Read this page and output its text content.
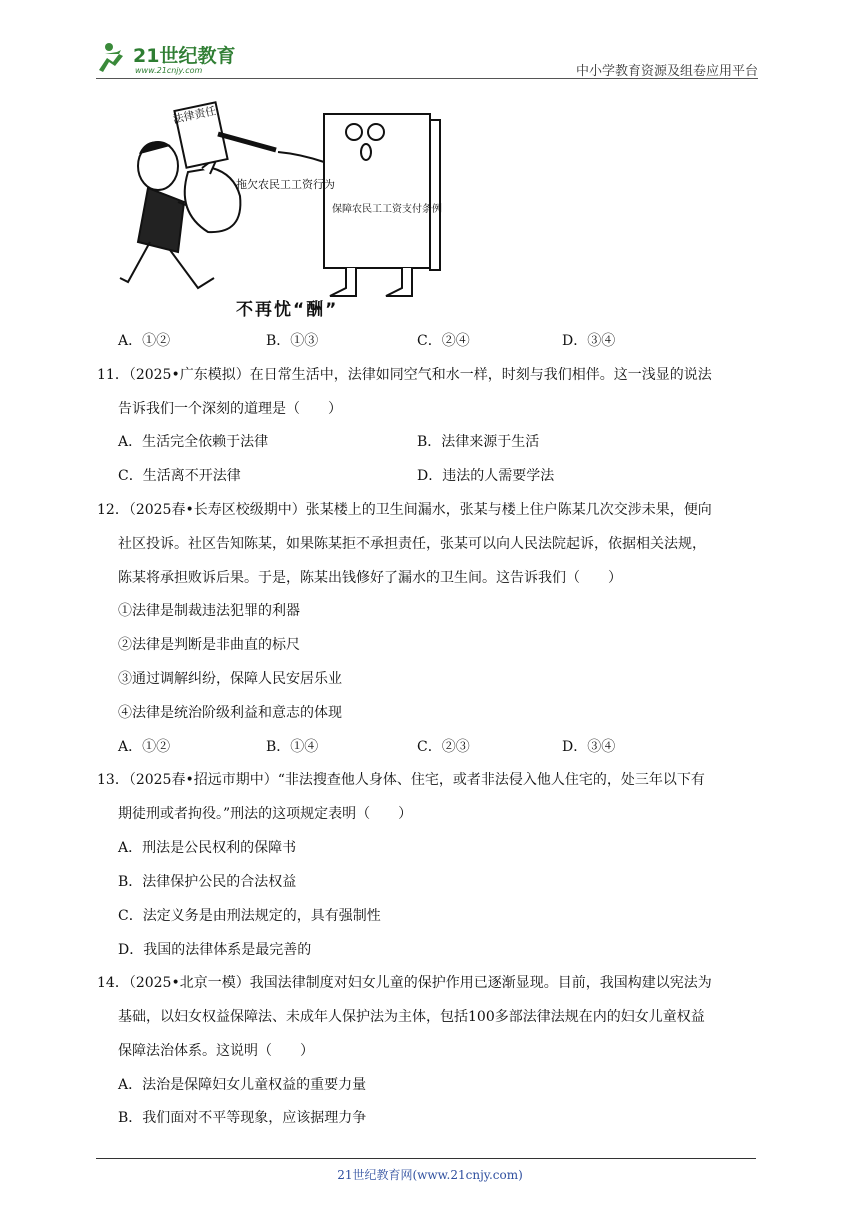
21世纪教育
www.21cnjy.com	中小学教育资源及组卷应用平台
法律责任
拖欠农民工工资行为
保障农民工工资支付条例
不再忧“酬”
A．①②	B．①③	C．②④	D．③④
11．（2025•广东模拟）在日常生活中，法律如同空气和水一样，时刻与我们相伴。这一浅显的说法
告诉我们一个深刻的道理是（　　）
A．生活完全依赖于法律	B．法律来源于生活
C．生活离不开法律	D．违法的人需要学法
12．（2025春•长寿区校级期中）张某楼上的卫生间漏水，张某与楼上住户陈某几次交涉未果，便向
社区投诉。社区告知陈某，如果陈某拒不承担责任，张某可以向人民法院起诉，依据相关法规，
陈某将承担败诉后果。于是，陈某出钱修好了漏水的卫生间。这告诉我们（　　）
①法律是制裁违法犯罪的利器
②法律是判断是非曲直的标尺
③通过调解纠纷，保障人民安居乐业
④法律是统治阶级利益和意志的体现
A．①②	B．①④	C．②③	D．③④
13．（2025春•招远市期中）“非法搜查他人身体、住宅，或者非法侵入他人住宅的，处三年以下有
期徒刑或者拘役。”刑法的这项规定表明（　　）
A．刑法是公民权利的保障书
B．法律保护公民的合法权益
C．法定义务是由刑法规定的，具有强制性
D．我国的法律体系是最完善的
14．（2025•北京一模）我国法律制度对妇女儿童的保护作用已逐渐显现。目前，我国构建以宪法为
基础，以妇女权益保障法、未成年人保护法为主体，包括100多部法律法规在内的妇女儿童权益
保障法治体系。这说明（　　）
A．法治是保障妇女儿童权益的重要力量
B．我们面对不平等现象，应该据理力争
21世纪教育网(www.21cnjy.com)
